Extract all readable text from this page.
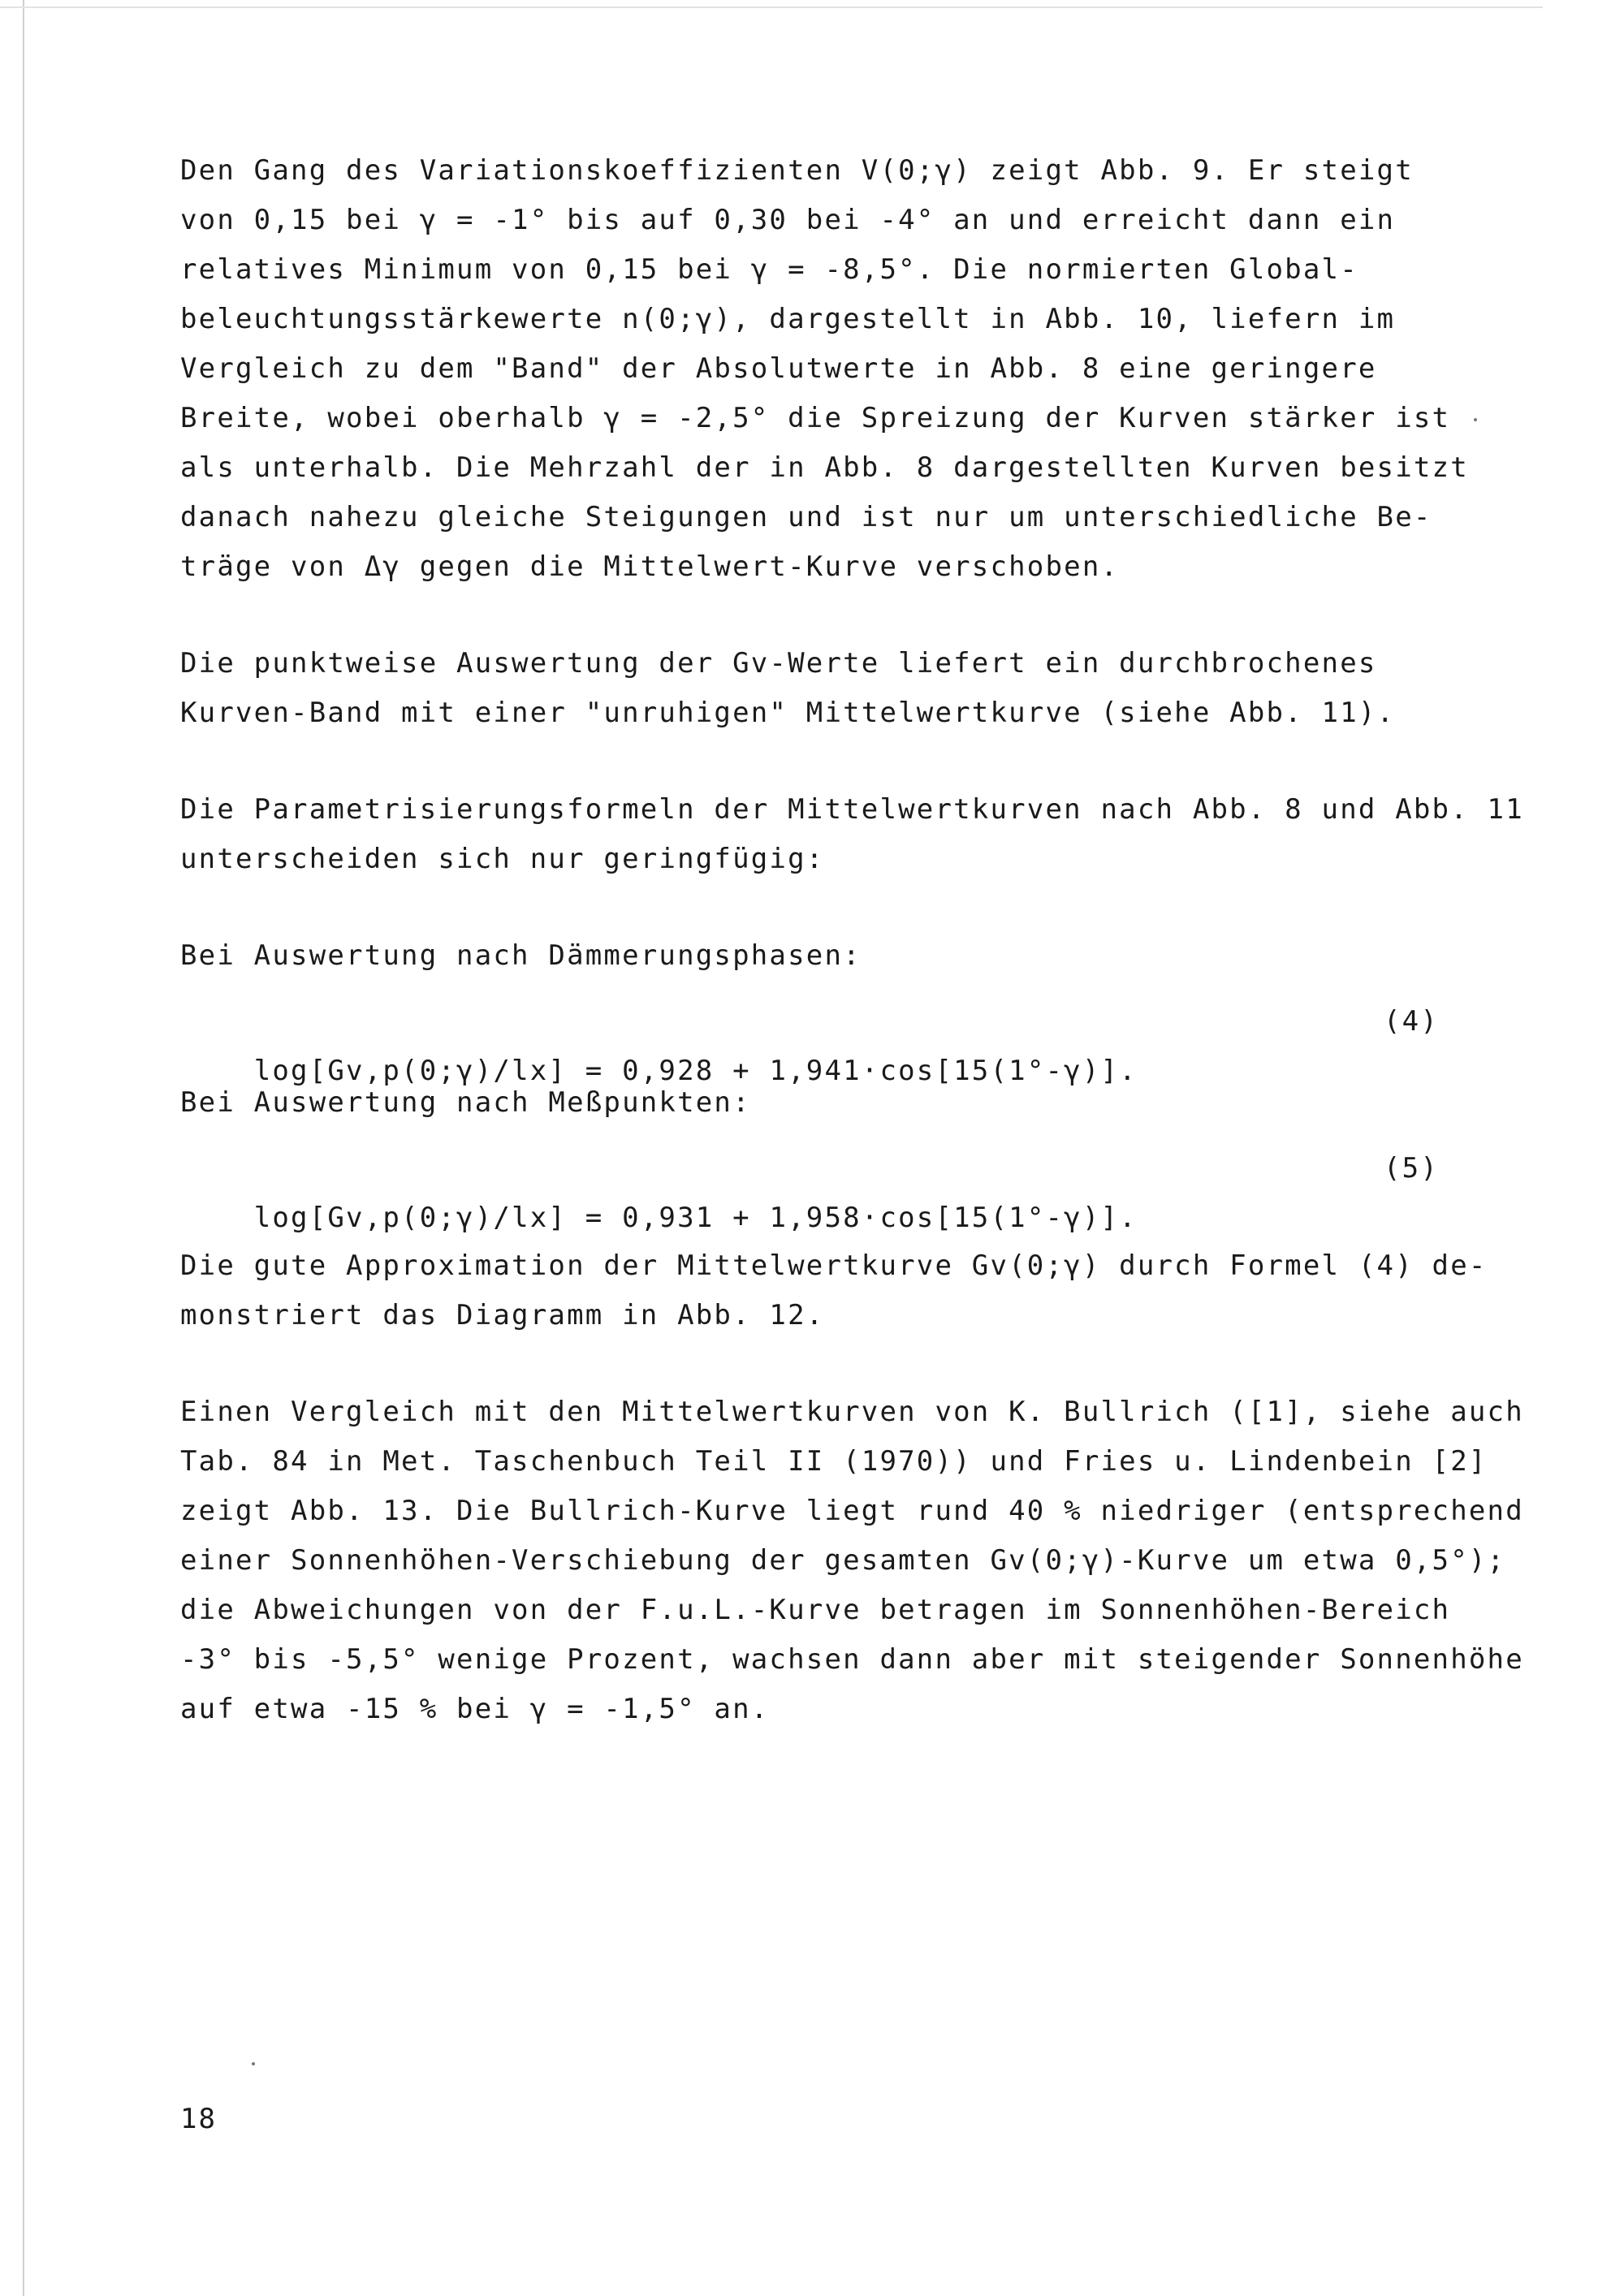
Den Gang des Variationskoeffizienten V(0;γ) zeigt Abb. 9. Er steigt

von 0,15 bei γ = -1° bis auf 0,30 bei -4° an und erreicht dann ein

relatives Minimum von 0,15 bei γ = -8,5°. Die normierten Global-

beleuchtungsstärkewerte n(0;γ), dargestellt in Abb. 10, liefern im

Vergleich zu dem "Band" der Absolutwerte in Abb. 8 eine geringere

Breite, wobei oberhalb γ = -2,5° die Spreizung der Kurven stärker ist

als unterhalb. Die Mehrzahl der in Abb. 8 dargestellten Kurven besitzt

danach nahezu gleiche Steigungen und ist nur um unterschiedliche Be-

träge von Δγ gegen die Mittelwert-Kurve verschoben.

Die punktweise Auswertung der Gv-Werte liefert ein durchbrochenes

Kurven-Band mit einer "unruhigen" Mittelwertkurve (siehe Abb. 11).

Die Parametrisierungsformeln der Mittelwertkurven nach Abb. 8 und Abb. 11

unterscheiden sich nur geringfügig:

Bei Auswertung nach Dämmerungsphasen:

log[Gv,p(0;γ)/lx] = 0,928 + 1,941·cos[15(1°-γ)].

(4)

Bei Auswertung nach Meßpunkten:

log[Gv,p(0;γ)/lx] = 0,931 + 1,958·cos[15(1°-γ)].

(5)

Die gute Approximation der Mittelwertkurve Gv(0;γ) durch Formel (4) de-

monstriert das Diagramm in Abb. 12.

Einen Vergleich mit den Mittelwertkurven von K. Bullrich ([1], siehe auch

Tab. 84 in Met. Taschenbuch Teil II (1970)) und Fries u. Lindenbein [2]

zeigt Abb. 13. Die Bullrich-Kurve liegt rund 40 % niedriger (entsprechend

einer Sonnenhöhen-Verschiebung der gesamten Gv(0;γ)-Kurve um etwa 0,5°);

die Abweichungen von der F.u.L.-Kurve betragen im Sonnenhöhen-Bereich

-3° bis -5,5° wenige Prozent, wachsen dann aber mit steigender Sonnenhöhe

auf etwa -15 % bei γ = -1,5° an.

18
